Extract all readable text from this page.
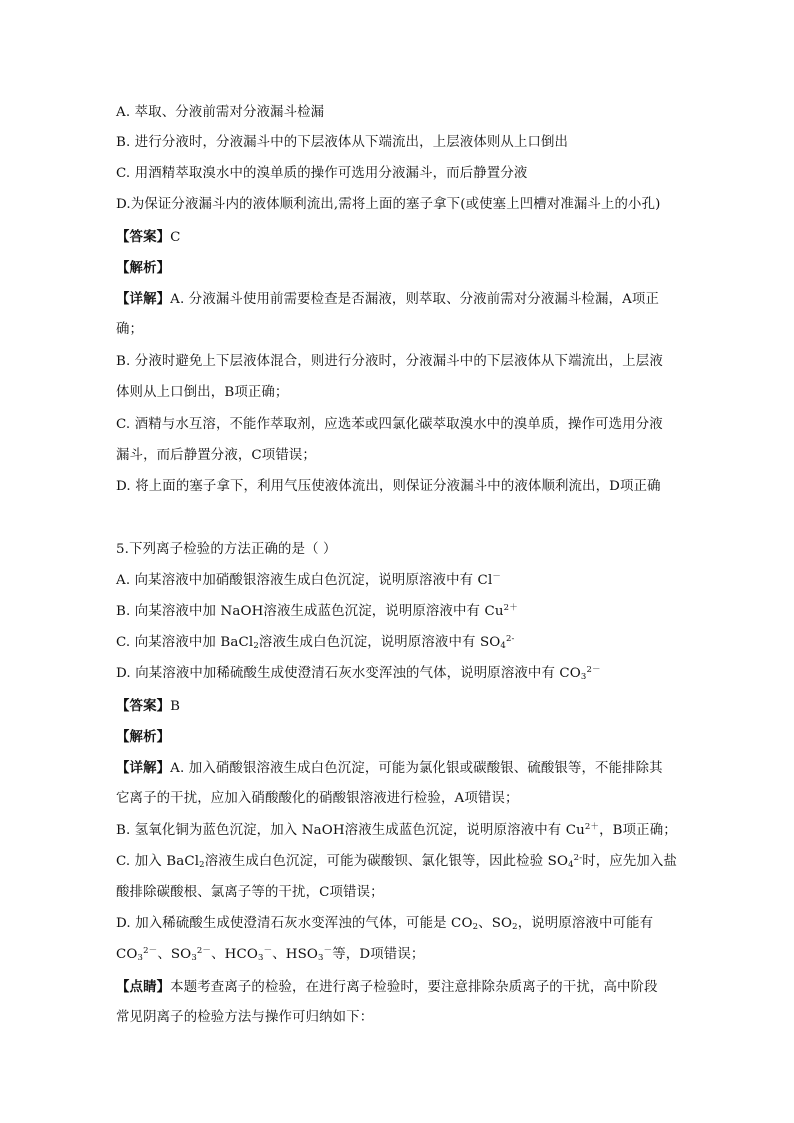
A. 萃取、分液前需对分液漏斗检漏
B. 进行分液时，分液漏斗中的下层液体从下端流出，上层液体则从上口倒出
C. 用酒精萃取溴水中的溴单质的操作可选用分液漏斗，而后静置分液
D.为保证分液漏斗内的液体顺利流出,需将上面的塞子拿下(或使塞上凹槽对准漏斗上的小孔)
【答案】C
【解析】
【详解】A. 分液漏斗使用前需要检查是否漏液，则萃取、分液前需对分液漏斗检漏，A项正
确；
B. 分液时避免上下层液体混合，则进行分液时，分液漏斗中的下层液体从下端流出，上层液
体则从上口倒出，B项正确；
C. 酒精与水互溶，不能作萃取剂，应选苯或四氯化碳萃取溴水中的溴单质，操作可选用分液
漏斗，而后静置分液，C项错误；
D. 将上面的塞子拿下，利用气压使液体流出，则保证分液漏斗中的液体顺利流出，D项正确
5.下列离子检验的方法正确的是（ ）
A. 向某溶液中加硝酸银溶液生成白色沉淀，说明原溶液中有 Cl－
B. 向某溶液中加 NaOH溶液生成蓝色沉淀，说明原溶液中有 $Cu^{2+}$
C. 向某溶液中加 BaCl$_2$溶液生成白色沉淀，说明原溶液中有 $SO_4^{2-}$
D. 向某溶液中加稀硫酸生成使澄清石灰水变浑浊的气体，说明原溶液中有 $CO_3^{2-}$
【答案】B
【解析】
【详解】A. 加入硝酸银溶液生成白色沉淀，可能为氯化银或碳酸银、硫酸银等，不能排除其
它离子的干扰，应加入硝酸酸化的硝酸银溶液进行检验，A项错误；
B. 氢氧化铜为蓝色沉淀，加入 NaOH溶液生成蓝色沉淀，说明原溶液中有 $Cu^{2+}$，B项正确；
C. 加入 BaCl$_2$溶液生成白色沉淀，可能为碳酸钡、氯化银等，因此检验 $SO_4^{2-}$时，应先加入盐
酸排除碳酸根、氯离子等的干扰，C项错误；
D. 加入稀硫酸生成使澄清石灰水变浑浊的气体，可能是 $CO_2$、$SO_2$，说明原溶液中可能有
$CO_3^{2-}$、$SO_3^{2-}$、$HCO_3^-$、$HSO_3^-$等，D项错误；
【点睛】本题考查离子的检验，在进行离子检验时，要注意排除杂质离子的干扰，高中阶段
常见阴离子的检验方法与操作可归纳如下：
